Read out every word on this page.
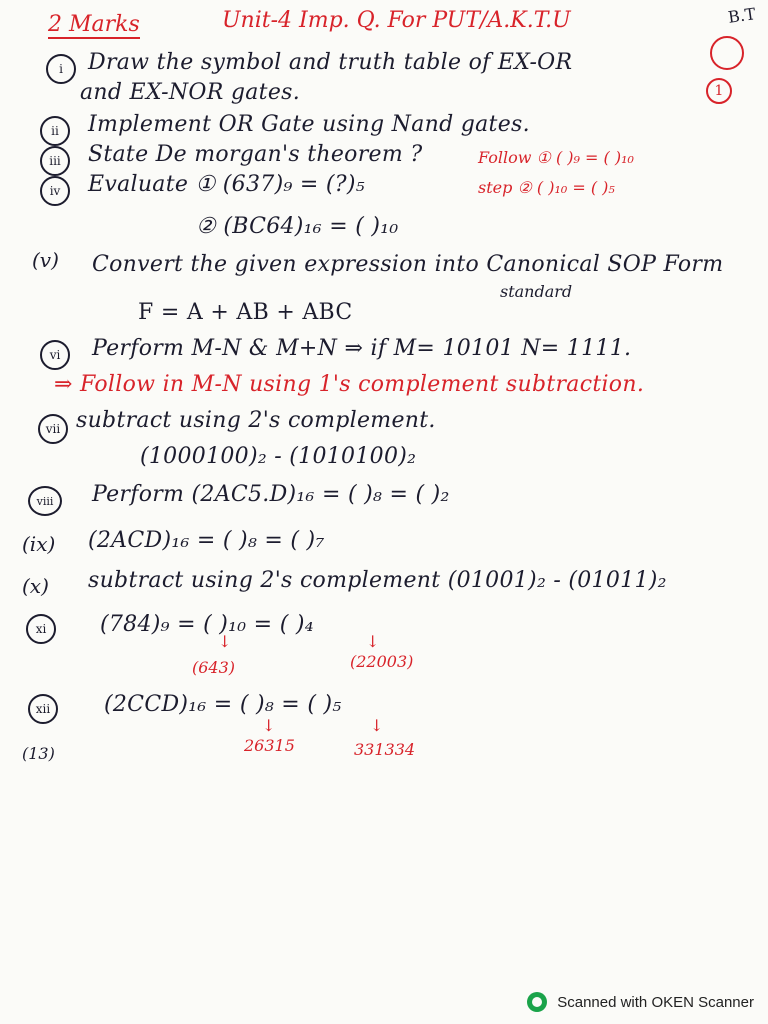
B.T
1
2 Marks	Unit-4 Imp. Q. For PUT/A.K.T.U
i	Draw the symbol and truth table of EX-OR
and EX-NOR gates.
ii	Implement OR Gate using Nand gates.
iii	State De morgan's theorem ?	Follow ① ( )₉ = ( )₁₀
step ② ( )₁₀ = ( )₅
iv	Evaluate ① (637)₉ = (?)₅
② (BC64)₁₆ = ( )₁₀
(v) Convert the given expression into Canonical SOP Form
standard
F = A + AB + ABC
vi	Perform M-N & M+N ⇒ if M= 10101 N= 1111.
⇒ Follow in M-N using 1's complement subtraction.
vii subtract using 2's complement.
(1000100)₂ - (1010100)₂
viii	Perform (2AC5.D)₁₆ = ( )₈ = ( )₂
(ix) (2ACD)₁₆ = ( )₈ = ( )₇
(x) subtract using 2's complement (01001)₂ - (01011)₂
xi	(784)₉ = ( )₁₀ = ( )₄
↓	↓
(643)	(22003)
xii	(2CCD)₁₆ = ( )₈ = ( )₅
↓	↓
26315	331334
(13)
Scanned with OKEN Scanner
